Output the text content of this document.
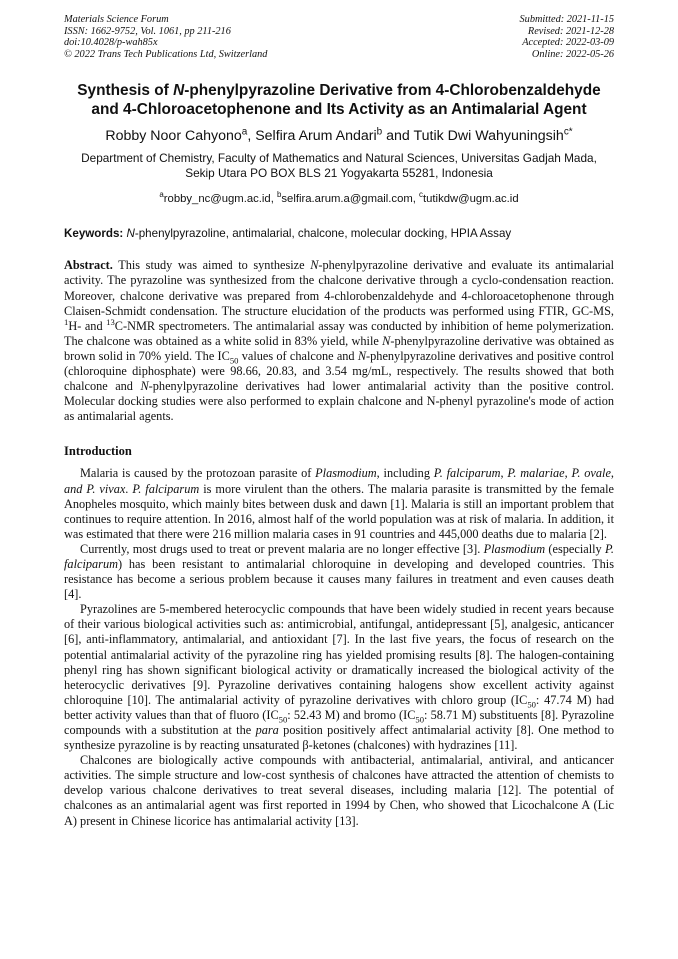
Materials Science Forum
ISSN: 1662-9752, Vol. 1061, pp 211-216
doi:10.4028/p-wah85x
© 2022 Trans Tech Publications Ltd, Switzerland
Submitted: 2021-11-15
Revised: 2021-12-28
Accepted: 2022-03-09
Online: 2022-05-26
Synthesis of N-phenylpyrazoline Derivative from 4-Chlorobenzaldehyde and 4-Chloroacetophenone and Its Activity as an Antimalarial Agent
Robby Noor Cahyono$^a$, Selfira Arum Andari$^b$ and Tutik Dwi Wahyuningsih$^{c*}$
Department of Chemistry, Faculty of Mathematics and Natural Sciences, Universitas Gadjah Mada,
Sekip Utara PO BOX BLS 21 Yogyakarta 55281, Indonesia
$^a$robby_nc@ugm.ac.id, $^b$selfira.arum.a@gmail.com, $^c$tutikdw@ugm.ac.id
Keywords: N-phenylpyrazoline, antimalarial, chalcone, molecular docking, HPIA Assay
Abstract. This study was aimed to synthesize N-phenylpyrazoline derivative and evaluate its antimalarial activity. The pyrazoline was synthesized from the chalcone derivative through a cyclo-condensation reaction. Moreover, chalcone derivative was prepared from 4-chlorobenzaldehyde and 4-chloroacetophenone through Claisen-Schmidt condensation. The structure elucidation of the products was performed using FTIR, GC-MS, $^1$H- and $^{13}$C-NMR spectrometers. The antimalarial assay was conducted by inhibition of heme polymerization. The chalcone was obtained as a white solid in 83% yield, while N-phenylpyrazoline derivative was obtained as brown solid in 70% yield. The $IC_{50}$ values of chalcone and N-phenylpyrazoline derivatives and positive control (chloroquine diphosphate) were 98.66, 20.83, and 3.54 mg/mL, respectively. The results showed that both chalcone and N-phenylpyrazoline derivatives had lower antimalarial activity than the positive control. Molecular docking studies were also performed to explain chalcone and N-phenyl pyrazoline's mode of action as antimalarial agents.
Introduction

Malaria is caused by the protozoan parasite of Plasmodium, including P. falciparum, P. malariae, P. ovale, and P. vivax. P. falciparum is more virulent than the others. The malaria parasite is transmitted by the female Anopheles mosquito, which mainly bites between dusk and dawn [1]. Malaria is still an important problem that continues to require attention. In 2016, almost half of the world population was at risk of malaria. In addition, it was estimated that there were 216 million malaria cases in 91 countries and 445,000 deaths due to malaria [2].

Currently, most drugs used to treat or prevent malaria are no longer effective [3]. Plasmodium (especially P. falciparum) has been resistant to antimalarial chloroquine in developing and developed countries. This resistance has become a serious problem because it causes many failures in treatment and even causes death [4].

Pyrazolines are 5-membered heterocyclic compounds that have been widely studied in recent years because of their various biological activities such as: antimicrobial, antifungal, antidepressant [5], analgesic, anticancer [6], anti-inflammatory, antimalarial, and antioxidant [7]. In the last five years, the focus of research on the potential antimalarial activity of the pyrazoline ring has yielded promising results [8]. The halogen-containing phenyl ring has shown significant biological activity or dramatically increased the biological activity of the heterocyclic derivatives [9]. Pyrazoline derivatives containing halogens show excellent activity against chloroquine [10]. The antimalarial activity of pyrazoline derivatives with chloro group ($IC_{50}$: 47.74 M) had better activity values than that of fluoro ($IC_{50}$: 52.43 M) and bromo ($IC_{50}$: 58.71 M) substituents [8]. Pyrazoline compounds with a substitution at the para position positively affect antimalarial activity [8]. One method to synthesize pyrazoline is by reacting unsaturated β-ketones (chalcones) with hydrazines [11].

Chalcones are biologically active compounds with antibacterial, antimalarial, antiviral, and anticancer activities. The simple structure and low-cost synthesis of chalcones have attracted the attention of chemists to develop various chalcone derivatives to treat several diseases, including malaria [12]. The potential of chalcones as an antimalarial agent was first reported in 1994 by Chen, who showed that Licochalcone A (Lic A) present in Chinese licorice has antimalarial activity [13].
